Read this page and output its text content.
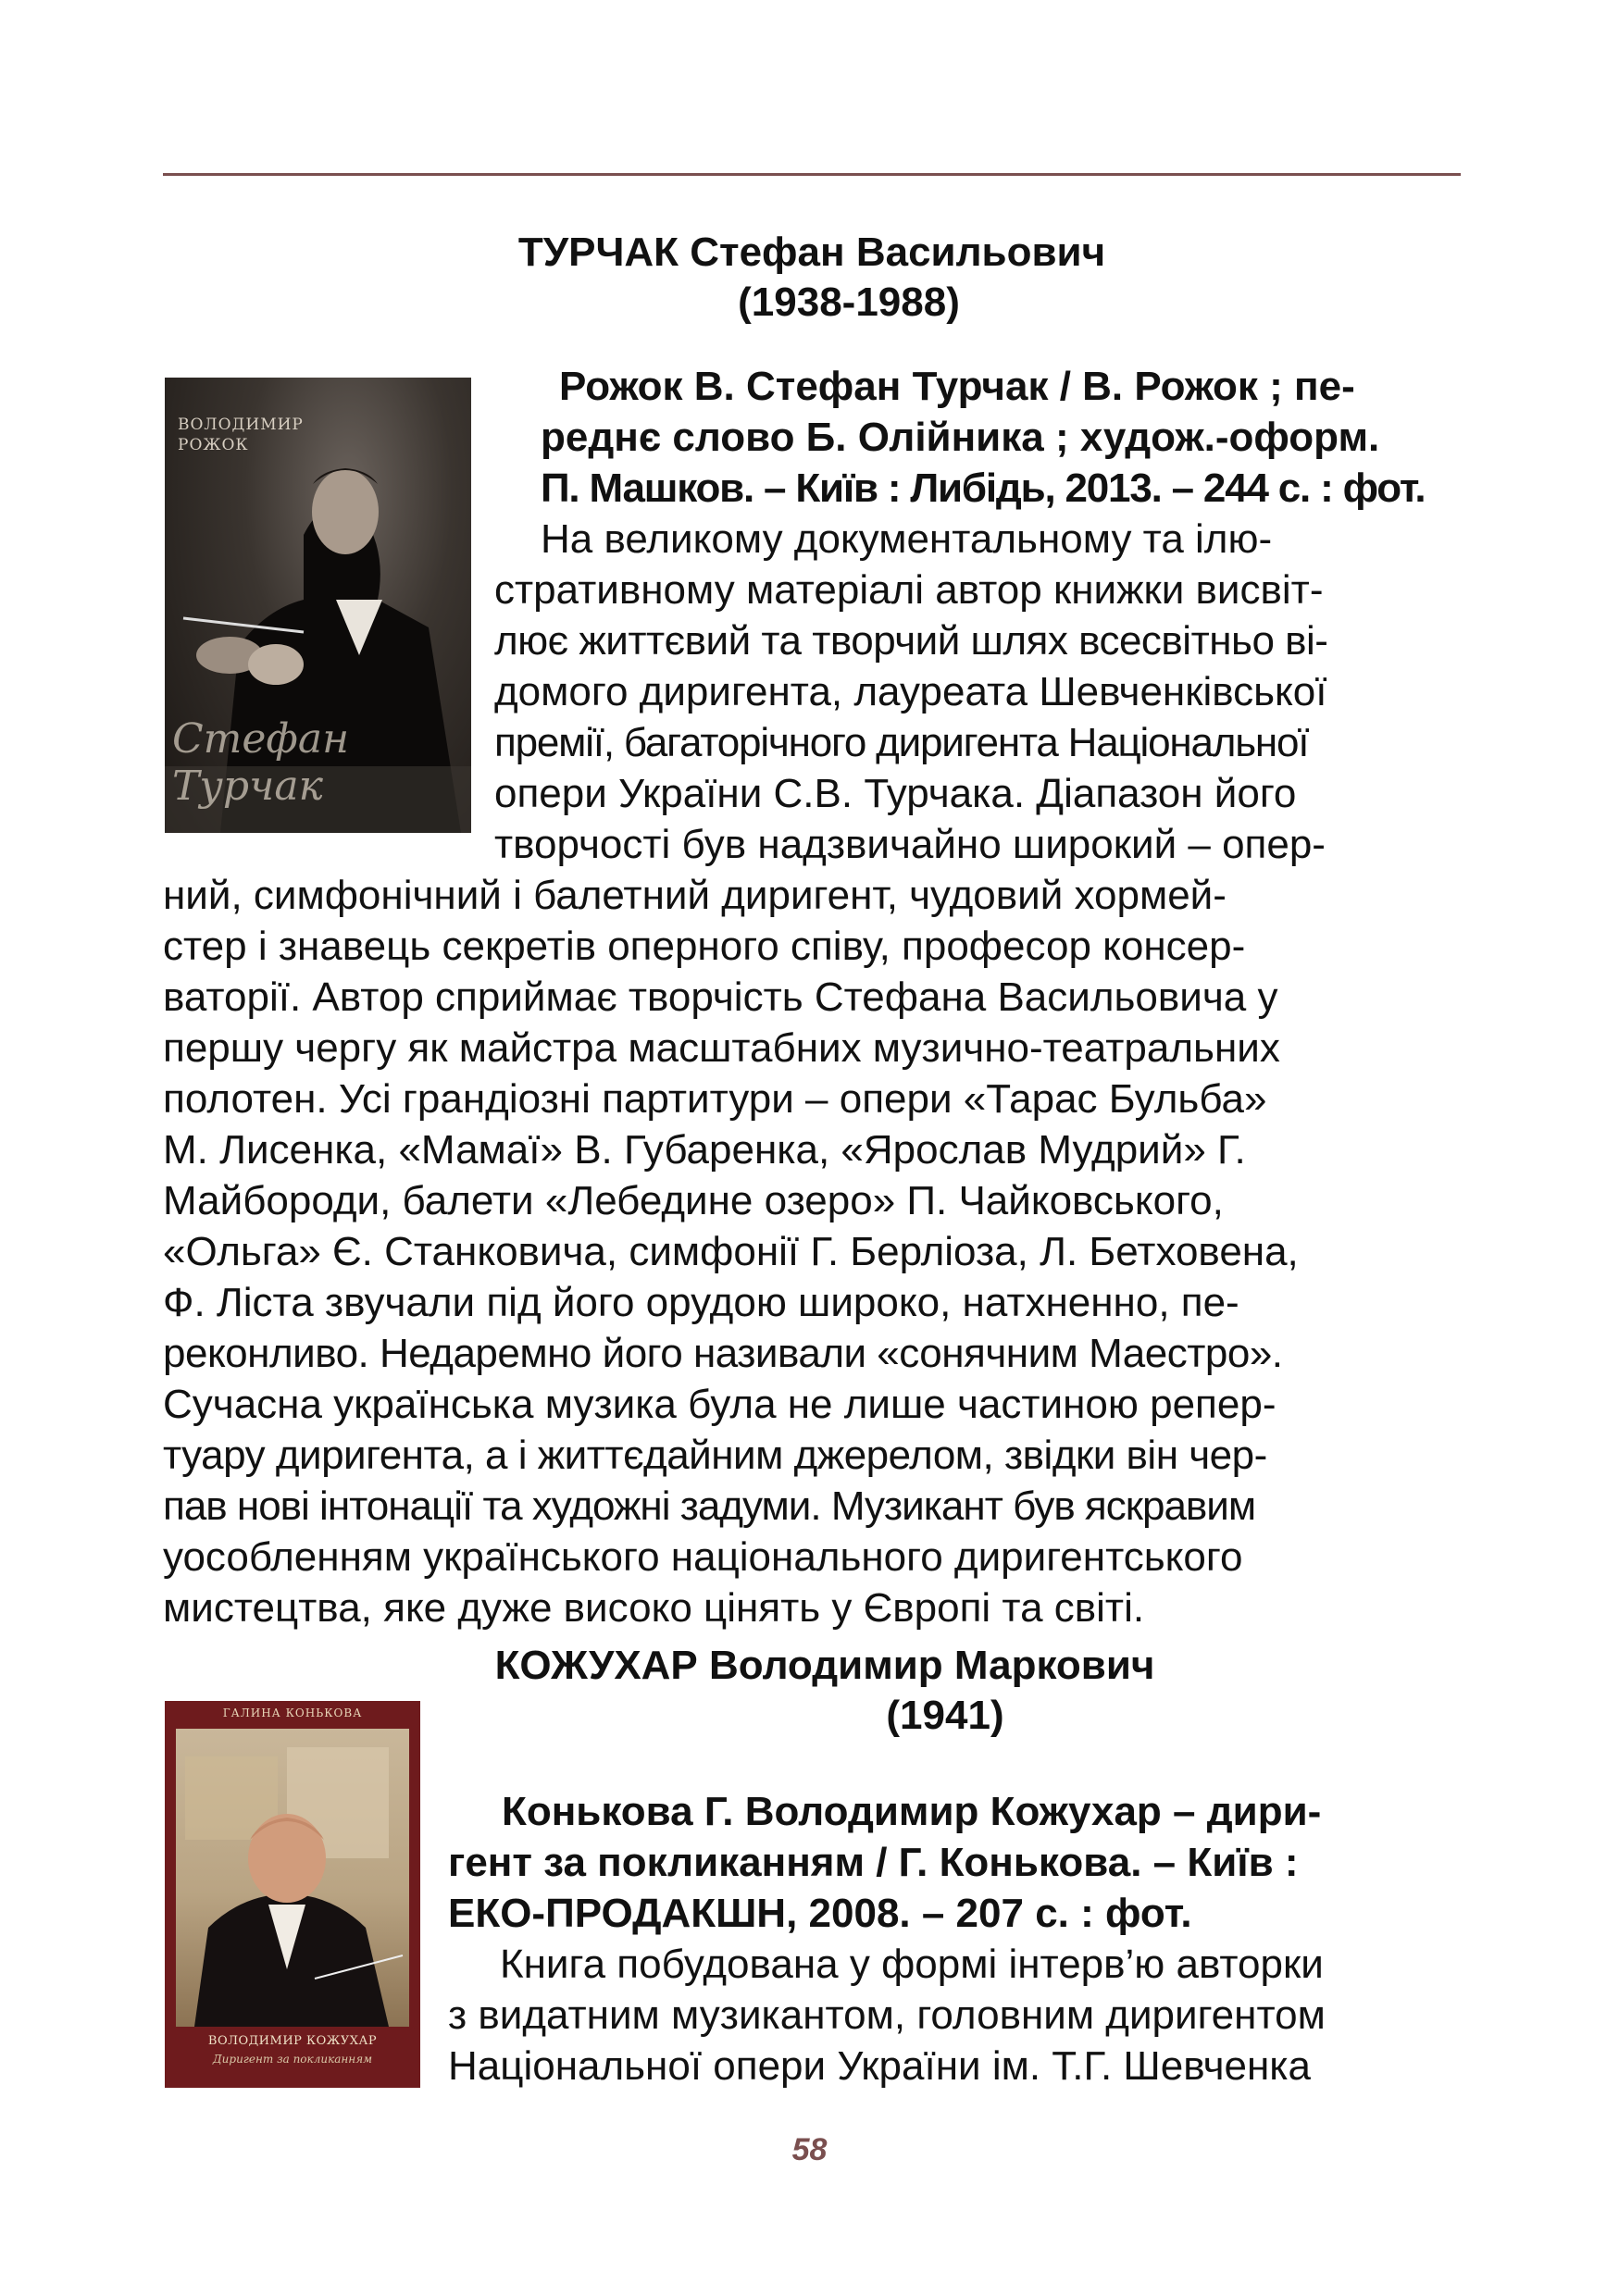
ТУРЧАК Стефан Васильович
(1938-1988)
ВОЛОДИМИР РОЖОК
Стефан Турчак
Рожок В. Стефан Турчак / В. Рожок ; пе-
реднє слово Б. Олійника ; худож.-оформ.
П. Машков. – Київ : Либідь, 2013. – 244 с. : фот.
На великому документальному та ілю-
стративному матеріалі автор книжки висвіт-
лює життєвий та творчий шлях всесвітньо ві-
домого диригента, лауреата Шевченківської
премії, багаторічного диригента Національної
опери України С.В. Турчака. Діапазон його
творчості був надзвичайно широкий – опер-
ний, симфонічний і балетний диригент, чудовий хормей-
стер і знавець секретів оперного співу, професор консер-
ваторії. Автор сприймає творчість Стефана Васильовича у
першу чергу як майстра масштабних музично-театральних
полотен. Усі грандіозні партитури – опери «Тарас Бульба»
М. Лисенка, «Мамаї» В. Губаренка, «Ярослав Мудрий» Г.
Майбороди, балети «Лебедине озеро» П. Чайковського,
«Ольга» Є. Станковича, симфонії Г. Берліоза, Л. Бетховена,
Ф. Ліста звучали під його орудою широко, натхненно, пе-
реконливо. Недаремно його називали «сонячним Маестро».
Сучасна українська музика була не лише частиною репер-
туару диригента, а і життєдайним джерелом, звідки він чер-
пав нові інтонації та художні задуми. Музикант був яскравим
уособленням українського національного диригентського
мистецтва, яке дуже високо цінять у Європі та світі.
КОЖУХАР Володимир Маркович
(1941)
ГАЛИНА КОНЬКОВА
ВОЛОДИМИР КОЖУХАР
Диригент за покликанням
Конькова Г. Володимир Кожухар – дири-
гент за покликанням / Г. Конькова. – Київ :
ЕКО-ПРОДАКШН, 2008. – 207 с. : фот.
Книга побудована у формі інтерв’ю авторки
з видатним музикантом, головним диригентом
Національної опери України ім. Т.Г. Шевченка
58
